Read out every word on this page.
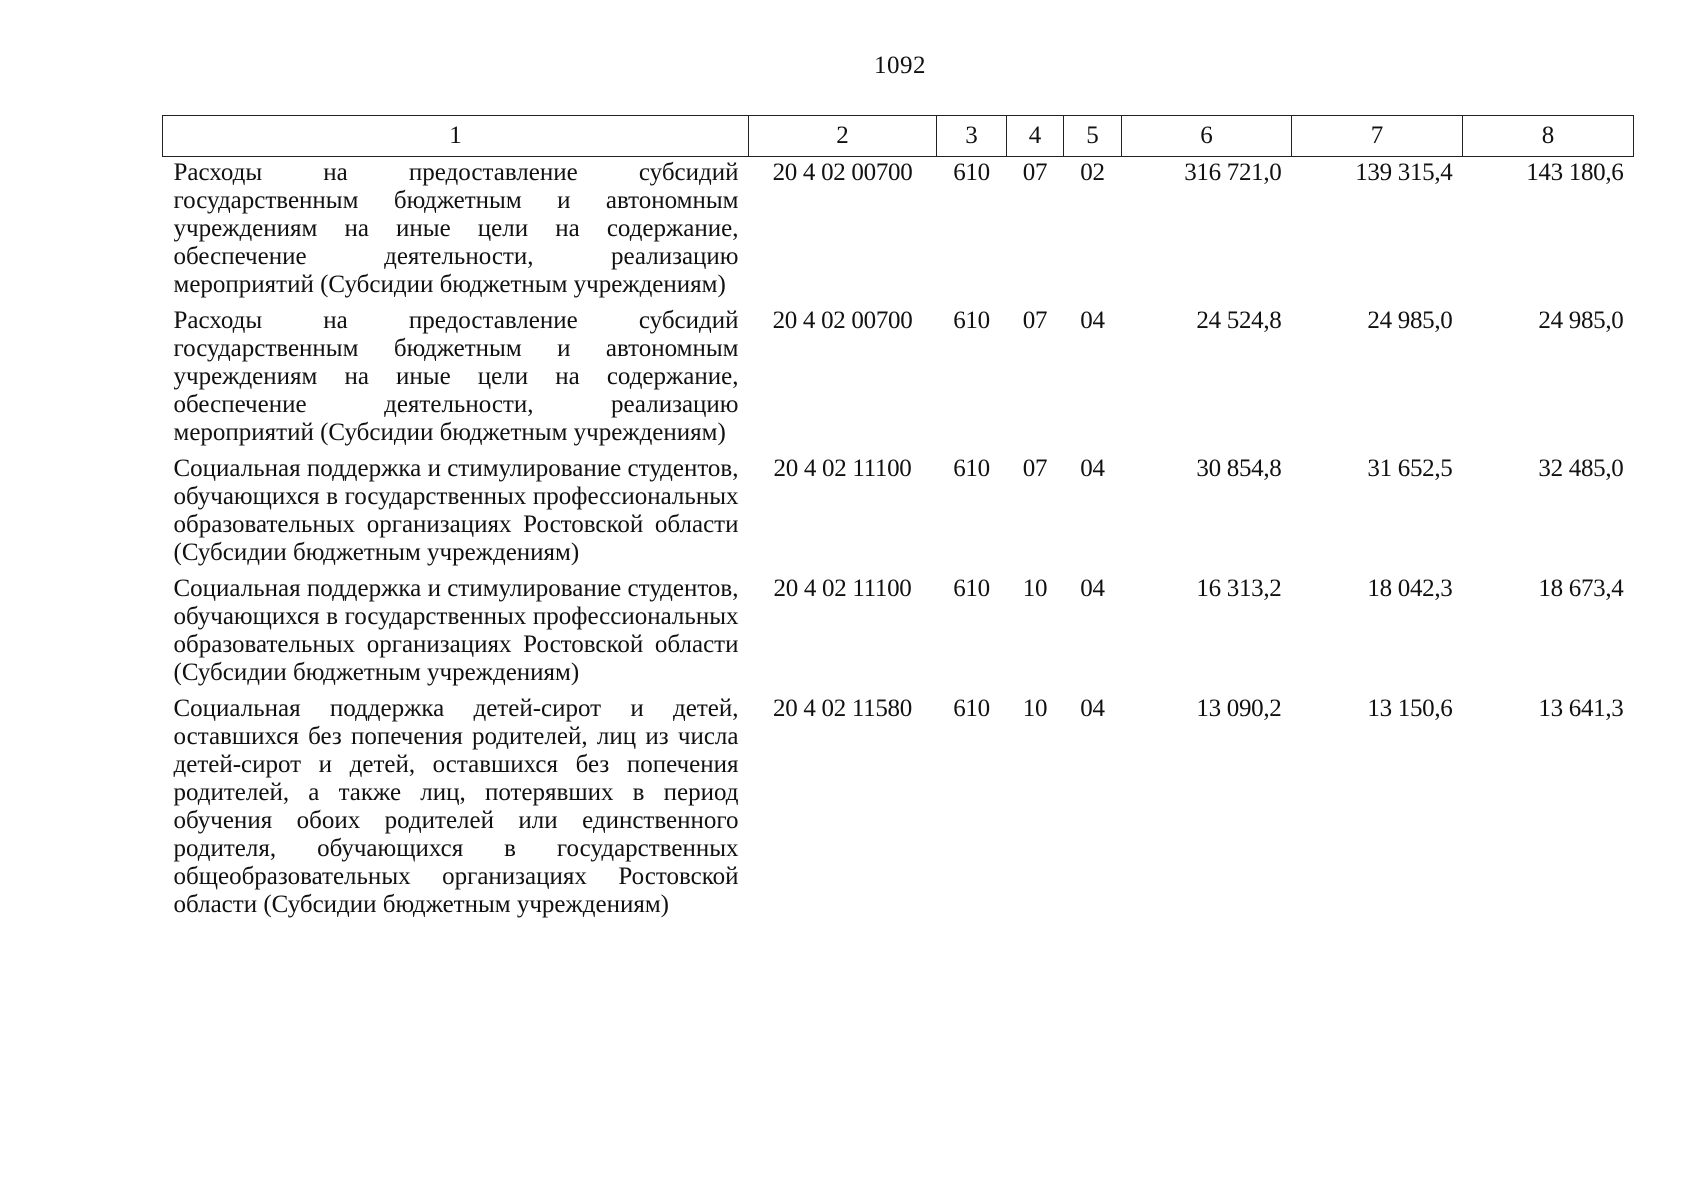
1092
1	2	3	4	5	6	7	8
Расходы на предоставление субсидий государственным бюджетным и автономным учреждениям на иные цели на содержание, обеспечение деятельности, реализацию мероприятий (Субсидии бюджетным учреждениям)	20 4 02 00700	610	07	02	316 721,0	139 315,4	143 180,6
Расходы на предоставление субсидий государственным бюджетным и автономным учреждениям на иные цели на содержание, обеспечение деятельности, реализацию мероприятий (Субсидии бюджетным учреждениям)	20 4 02 00700	610	07	04	24 524,8	24 985,0	24 985,0
Социальная поддержка и стимулирование студентов, обучающихся в государственных профессиональных образовательных организациях Ростовской области (Субсидии бюджетным учреждениям)	20 4 02 11100	610	07	04	30 854,8	31 652,5	32 485,0
Социальная поддержка и стимулирование студентов, обучающихся в государственных профессиональных образовательных организациях Ростовской области (Субсидии бюджетным учреждениям)	20 4 02 11100	610	10	04	16 313,2	18 042,3	18 673,4
Социальная поддержка детей-сирот и детей, оставшихся без попечения родителей, лиц из числа детей-сирот и детей, оставшихся без попечения родителей, а также лиц, потерявших в период обучения обоих родителей или единственного родителя, обучающихся в государственных общеобразовательных организациях Ростовской области (Субсидии бюджетным учреждениям)	20 4 02 11580	610	10	04	13 090,2	13 150,6	13 641,3
